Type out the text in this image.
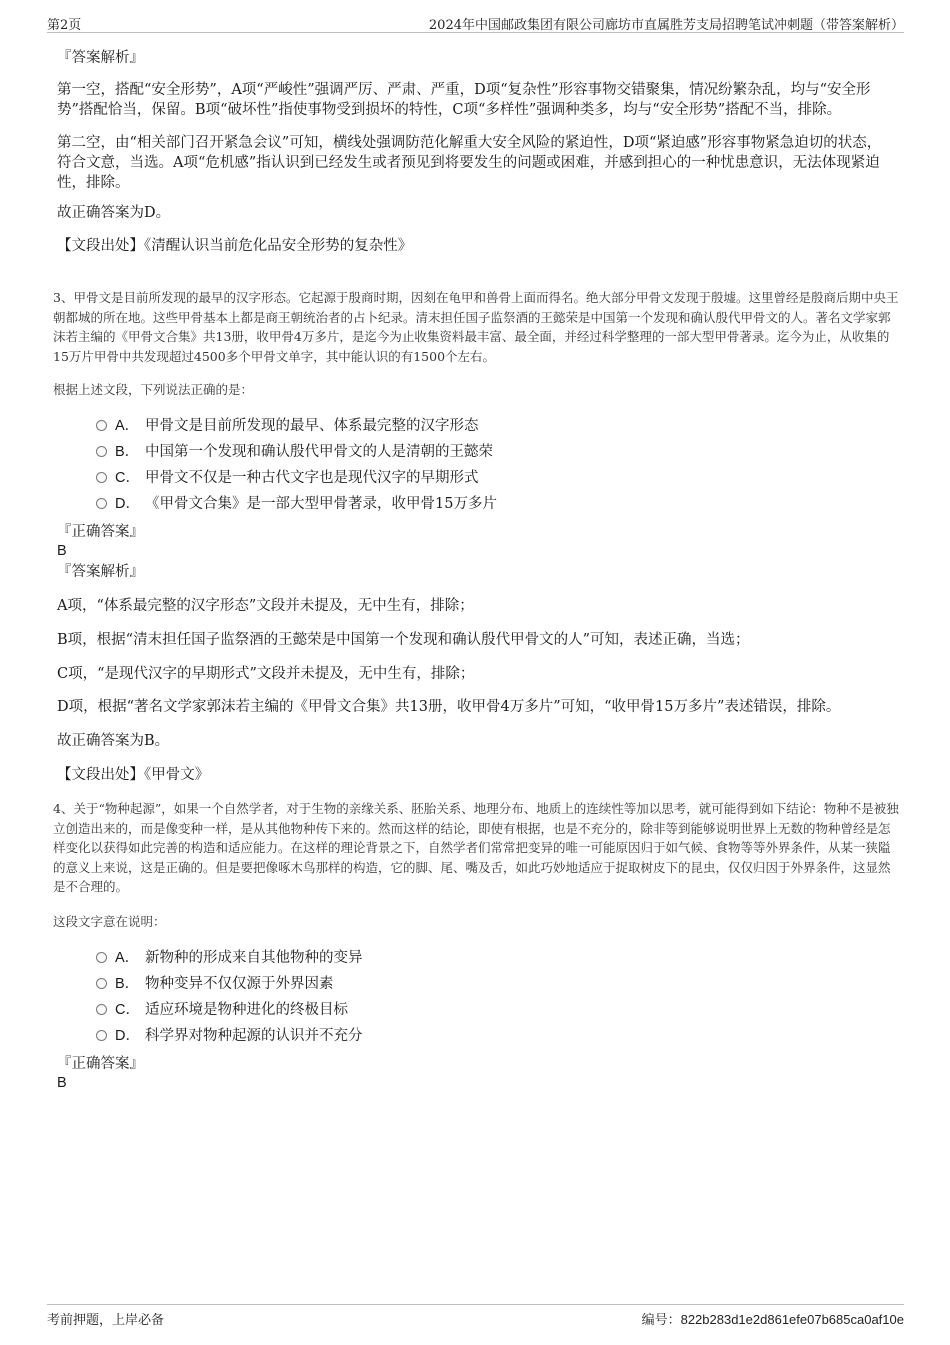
第2页	2024年中国邮政集团有限公司廊坊市直属胜芳支局招聘笔试冲刺题（带答案解析）
『答案解析』
第一空，搭配“安全形势”，A项“严峻性”强调严厉、严肃、严重，D项“复杂性”形容事物交错聚集，情况纷繁杂乱，均与“安全形势”搭配恰当，保留。B项“破坏性”指使事物受到损坏的特性，C项“多样性”强调种类多，均与“安全形势”搭配不当，排除。
第二空，由“相关部门召开紧急会议”可知，横线处强调防范化解重大安全风险的紧迫性，D项“紧迫感”形容事物紧急迫切的状态，符合文意，当选。A项“危机感”指认识到已经发生或者预见到将要发生的问题或困难，并感到担心的一种忧患意识，无法体现紧迫性，排除。
故正确答案为D。
【文段出处】《清醒认识当前危化品安全形势的复杂性》
3、甲骨文是目前所发现的最早的汉字形态。它起源于殷商时期，因刻在龟甲和兽骨上面而得名。绝大部分甲骨文发现于殷墟。这里曾经是殷商后期中央王朝都城的所在地。这些甲骨基本上都是商王朝统治者的占卜纪录。清末担任国子监祭酒的王懿荣是中国第一个发现和确认殷代甲骨文的人。著名文学家郭沫若主编的《甲骨文合集》共13册，收甲骨4万多片，是迄今为止收集资料最丰富、最全面，并经过科学整理的一部大型甲骨著录。迄今为止，从收集的15万片甲骨中共发现超过4500多个甲骨文单字，其中能认识的有1500个左右。
根据上述文段，下列说法正确的是：
A． 甲骨文是目前所发现的最早、体系最完整的汉字形态
B． 中国第一个发现和确认殷代甲骨文的人是清朝的王懿荣
C． 甲骨文不仅是一种古代文字也是现代汉字的早期形式
D． 《甲骨文合集》是一部大型甲骨著录，收甲骨15万多片
『正确答案』
B
『答案解析』
A项，“体系最完整的汉字形态”文段并未提及，无中生有，排除；
B项，根据“清末担任国子监祭酒的王懿荣是中国第一个发现和确认殷代甲骨文的人”可知，表述正确，当选；
C项，“是现代汉字的早期形式”文段并未提及，无中生有，排除；
D项，根据“著名文学家郭沫若主编的《甲骨文合集》共13册，收甲骨4万多片”可知，“收甲骨15万多片”表述错误，排除。
故正确答案为B。
【文段出处】《甲骨文》
4、关于“物种起源”，如果一个自然学者，对于生物的亲缘关系、胚胎关系、地理分布、地质上的连续性等加以思考，就可能得到如下结论：物种不是被独立创造出来的，而是像变种一样，是从其他物种传下来的。然而这样的结论，即使有根据，也是不充分的，除非等到能够说明世界上无数的物种曾经是怎样变化以获得如此完善的构造和适应能力。在这样的理论背景之下，自然学者们常常把变异的唯一可能原因归于如气候、食物等等外界条件，从某一狭隘的意义上来说，这是正确的。但是要把像啄木鸟那样的构造，它的脚、尾、嘴及舌，如此巧妙地适应于捉取树皮下的昆虫，仅仅归因于外界条件，这显然是不合理的。
这段文字意在说明：
A． 新物种的形成来自其他物种的变异
B． 物种变异不仅仅源于外界因素
C． 适应环境是物种进化的终极目标
D． 科学界对物种起源的认识并不充分
『正确答案』
B
考前押题，上岸必备	编号：822b283d1e2d861efe07b685ca0af10e
